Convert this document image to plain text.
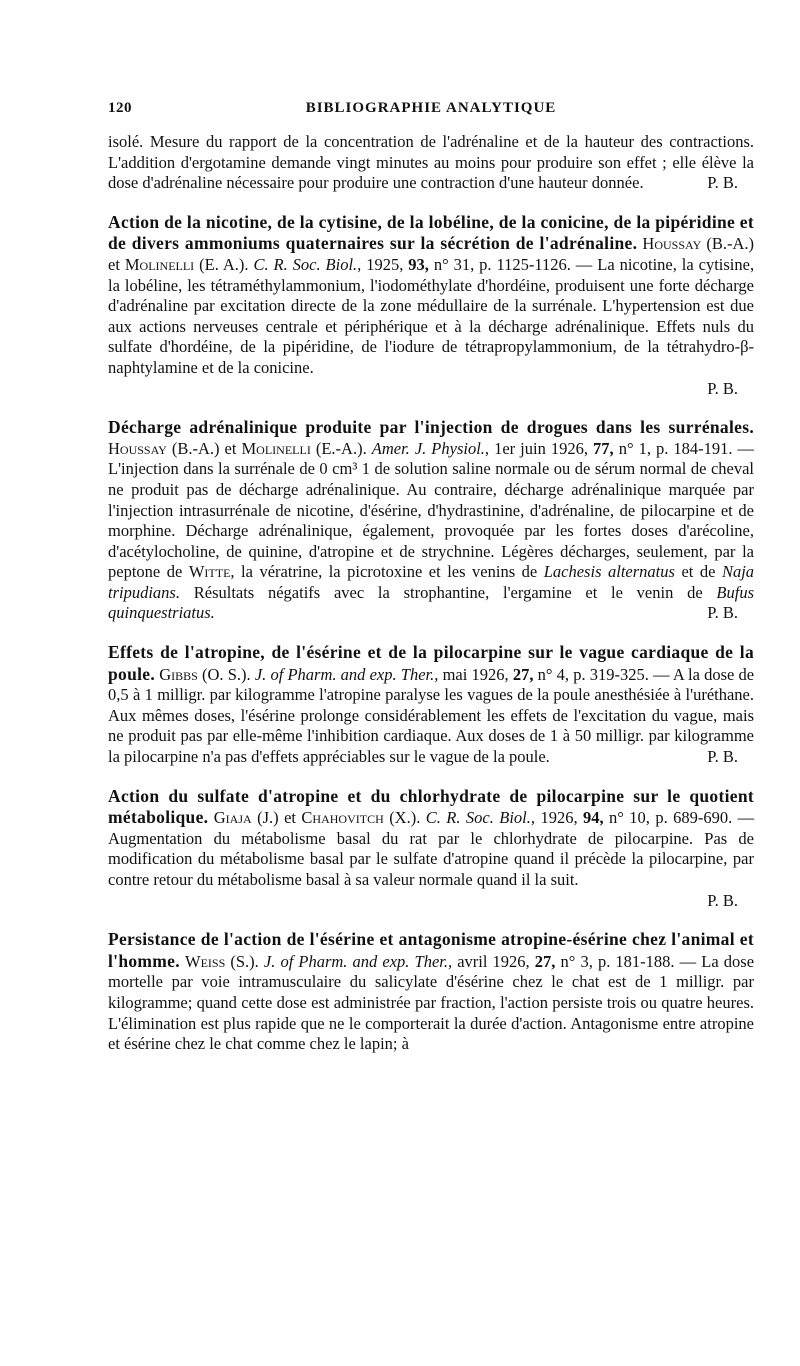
120	BIBLIOGRAPHIE ANALYTIQUE

isolé. Mesure du rapport de la concentration de l'adrénaline et de la hauteur des contractions. L'addition d'ergotamine demande vingt minutes au moins pour produire son effet ; elle élève la dose d'adrénaline nécessaire pour produire une contraction d'une hauteur donnée.	P. B.

Action de la nicotine, de la cytisine, de la lobéline, de la conicine, de la pipéridine et de divers ammoniums quaternaires sur la sécrétion de l'adrénaline. Houssay (B.-A.) et Molinelli (E. A.). C. R. Soc. Biol., 1925, 93, n° 31, p. 1125-1126. — La nicotine, la cytisine, la lobéline, les tétraméthylammonium, l'iodométhylate d'hordéine, produisent une forte décharge d'adrénaline par excitation directe de la zone médullaire de la surrénale. L'hypertension est due aux actions nerveuses centrale et périphérique et à la décharge adrénalinique. Effets nuls du sulfate d'hordéine, de la pipéridine, de l'iodure de tétrapropylammonium, de la tétrahydro-β-naphtylamine et de la conicine.
P. B.

Décharge adrénalinique produite par l'injection de drogues dans les surrénales. Houssay (B.-A.) et Molinelli (E.-A.). Amer. J. Physiol., 1er juin 1926, 77, n° 1, p. 184-191. — L'injection dans la surrénale de 0 cm³ 1 de solution saline normale ou de sérum normal de cheval ne produit pas de décharge adrénalinique. Au contraire, décharge adrénalinique marquée par l'injection intrasurrénale de nicotine, d'ésérine, d'hydrastinine, d'adrénaline, de pilocarpine et de morphine. Décharge adrénalinique, également, provoquée par les fortes doses d'arécoline, d'acétylocholine, de quinine, d'atropine et de strychnine. Légères décharges, seulement, par la peptone de Witte, la vératrine, la picrotoxine et les venins de Lachesis alternatus et de Naja tripudians. Résultats négatifs avec la strophantine, l'ergamine et le venin de Bufus quinquestriatus.	P. B.

Effets de l'atropine, de l'ésérine et de la pilocarpine sur le vague cardiaque de la poule. Gibbs (O. S.). J. of Pharm. and exp. Ther., mai 1926, 27, n° 4, p. 319-325. — A la dose de 0,5 à 1 milligr. par kilogramme l'atropine paralyse les vagues de la poule anesthésiée à l'uréthane. Aux mêmes doses, l'ésérine prolonge considérablement les effets de l'excitation du vague, mais ne produit pas par elle-même l'inhibition cardiaque. Aux doses de 1 à 50 milligr. par kilogramme la pilocarpine n'a pas d'effets appréciables sur le vague de la poule.	P. B.

Action du sulfate d'atropine et du chlorhydrate de pilocarpine sur le quotient métabolique. Giaja (J.) et Chahovitch (X.). C. R. Soc. Biol., 1926, 94, n° 10, p. 689-690. — Augmentation du métabolisme basal du rat par le chlorhydrate de pilocarpine. Pas de modification du métabolisme basal par le sulfate d'atropine quand il précède la pilocarpine, par contre retour du métabolisme basal à sa valeur normale quand il la suit.
P. B.

Persistance de l'action de l'ésérine et antagonisme atropine-ésérine chez l'animal et l'homme. Weiss (S.). J. of Pharm. and exp. Ther., avril 1926, 27, n° 3, p. 181-188. — La dose mortelle par voie intramusculaire du salicylate d'ésérine chez le chat est de 1 milligr. par kilogramme; quand cette dose est administrée par fraction, l'action persiste trois ou quatre heures. L'élimination est plus rapide que ne le comporterait la durée d'action. Antagonisme entre atropine et ésérine chez le chat comme chez le lapin; à
